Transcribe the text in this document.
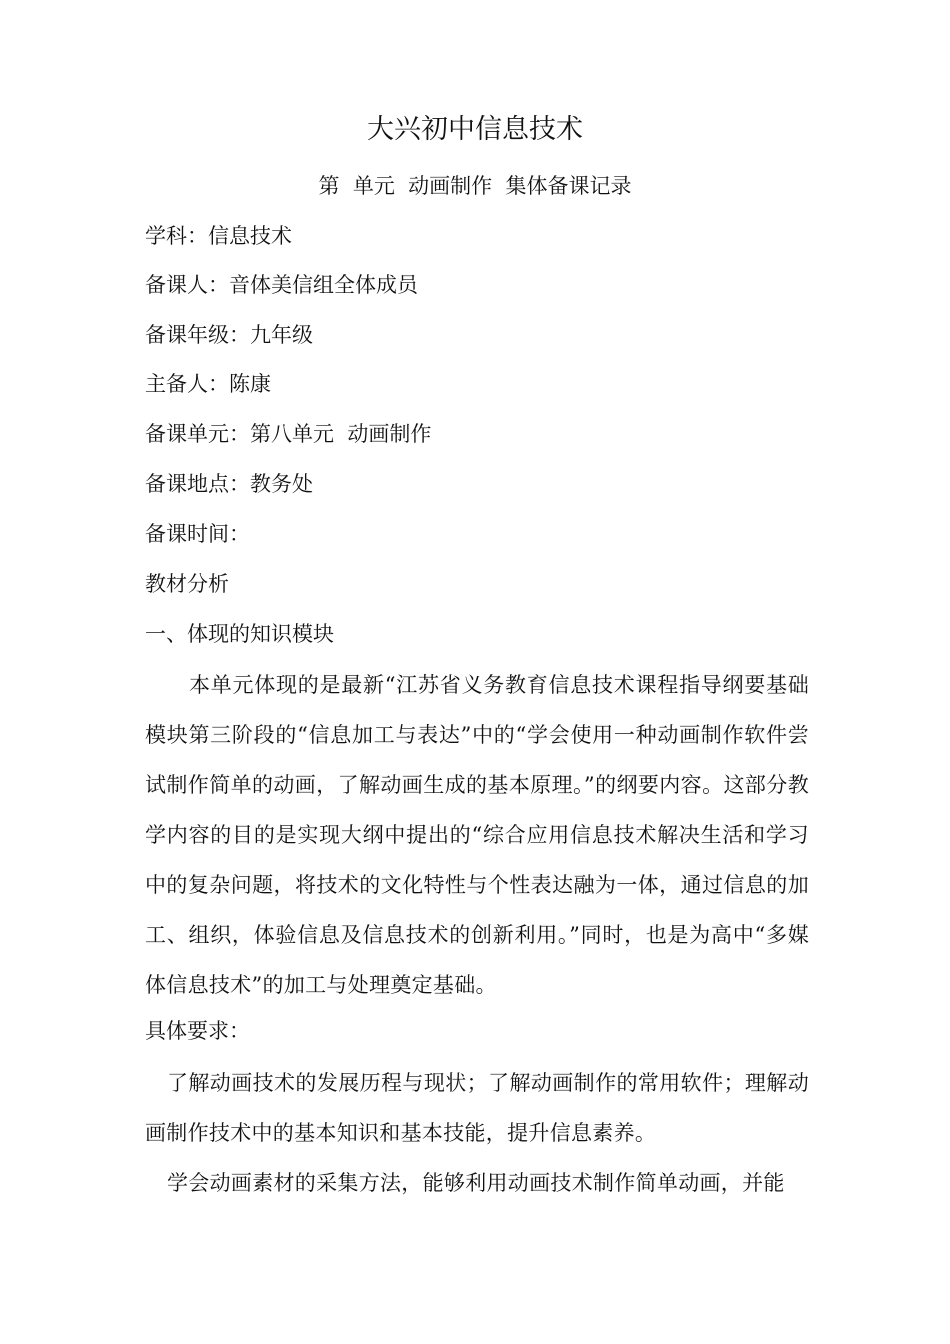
大兴初中信息技术
第  单元  动画制作  集体备课记录
学科：信息技术
备课人：音体美信组全体成员
备课年级：九年级
主备人：陈康
备课单元：第八单元  动画制作
备课地点：教务处
备课时间：
教材分析
一、体现的知识模块
本单元体现的是最新“江苏省义务教育信息技术课程指导纲要基础模块第三阶段的“信息加工与表达”中的“学会使用一种动画制作软件尝试制作简单的动画，了解动画生成的基本原理。”的纲要内容。这部分教学内容的目的是实现大纲中提出的“综合应用信息技术解决生活和学习中的复杂问题，将技术的文化特性与个性表达融为一体，通过信息的加工、组织，体验信息及信息技术的创新利用。”同时，也是为高中“多媒体信息技术”的加工与处理奠定基础。
具体要求：
了解动画技术的发展历程与现状；了解动画制作的常用软件；理解动画制作技术中的基本知识和基本技能，提升信息素养。
学会动画素材的采集方法，能够利用动画技术制作简单动画，并能
